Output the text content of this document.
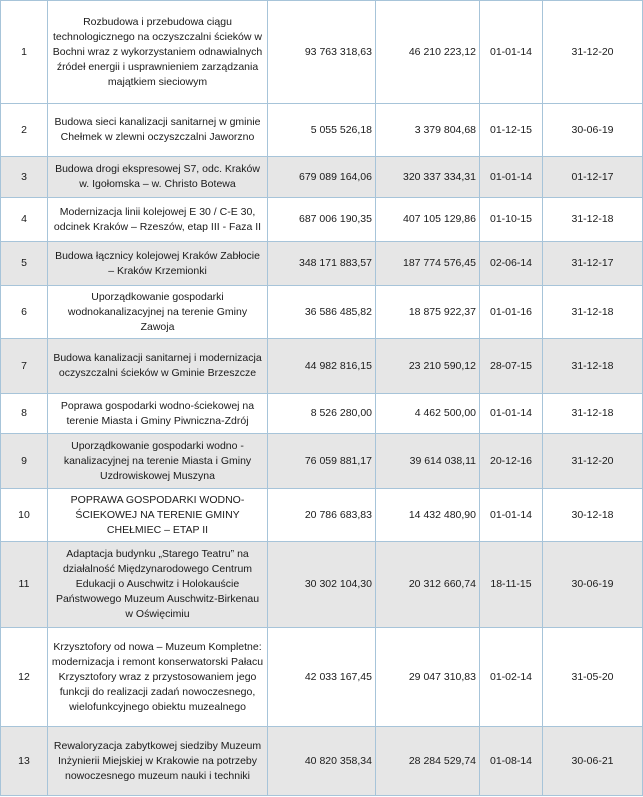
1	Rozbudowa i przebudowa ciągu technologicznego na oczyszczalni ścieków w Bochni wraz z wykorzystaniem odnawialnych źródeł energii i usprawnieniem zarządzania majątkiem sieciowym	93 763 318,63	46 210 223,12	01-01-14	31-12-20
2	Budowa sieci kanalizacji sanitarnej w gminie Chełmek w zlewni oczyszczalni Jaworzno	5 055 526,18	3 379 804,68	01-12-15	30-06-19
3	Budowa drogi ekspresowej S7, odc. Kraków w. Igołomska – w. Christo Botewa	679 089 164,06	320 337 334,31	01-01-14	01-12-17
4	Modernizacja linii kolejowej E 30 / C-E 30, odcinek Kraków – Rzeszów, etap III - Faza II	687 006 190,35	407 105 129,86	01-10-15	31-12-18
5	Budowa łącznicy kolejowej Kraków Zabłocie – Kraków Krzemionki	348 171 883,57	187 774 576,45	02-06-14	31-12-17
6	Uporządkowanie gospodarki wodnokanalizacyjnej na terenie Gminy Zawoja	36 586 485,82	18 875 922,37	01-01-16	31-12-18
7	Budowa kanalizacji sanitarnej i modernizacja oczyszczalni ścieków w Gminie Brzeszcze	44 982 816,15	23 210 590,12	28-07-15	31-12-18
8	Poprawa gospodarki wodno-ściekowej na terenie Miasta i Gminy Piwniczna-Zdrój	8 526 280,00	4 462 500,00	01-01-14	31-12-18
9	Uporządkowanie gospodarki wodno - kanalizacyjnej na terenie Miasta i Gminy Uzdrowiskowej Muszyna	76 059 881,17	39 614 038,11	20-12-16	31-12-20
10	POPRAWA GOSPODARKI WODNO-ŚCIEKOWEJ NA TERENIE GMINY CHEŁMIEC – ETAP II	20 786 683,83	14 432 480,90	01-01-14	30-12-18
11	Adaptacja budynku „Starego Teatru” na działalność Międzynarodowego Centrum Edukacji o Auschwitz i Holokauście Państwowego Muzeum Auschwitz-Birkenau w Oświęcimiu	30 302 104,30	20 312 660,74	18-11-15	30-06-19
12	Krzysztofory od nowa – Muzeum Kompletne: modernizacja i remont konserwatorski Pałacu Krzysztofory wraz z przystosowaniem jego funkcji do realizacji zadań nowoczesnego, wielofunkcyjnego obiektu muzealnego	42 033 167,45	29 047 310,83	01-02-14	31-05-20
13	Rewaloryzacja zabytkowej siedziby Muzeum Inżynierii Miejskiej w Krakowie na potrzeby nowoczesnego muzeum nauki i techniki	40 820 358,34	28 284 529,74	01-08-14	30-06-21
